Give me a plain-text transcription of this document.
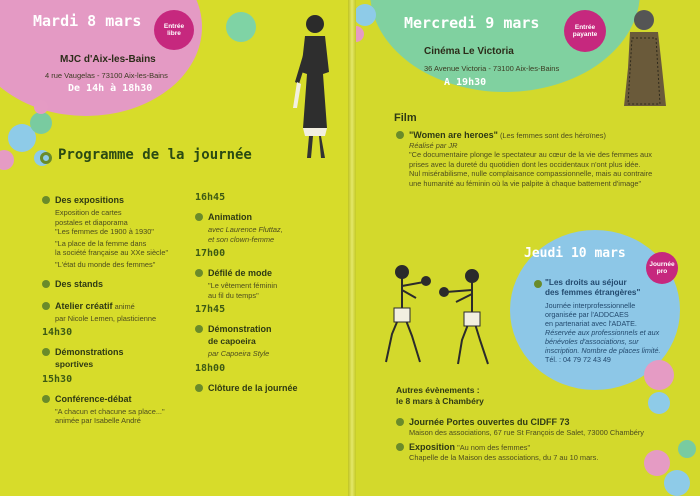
Entrée
libre
Mardi 8 mars
MJC d'Aix-les-Bains
4 rue Vaugelas - 73100 Aix-les-Bains
De 14h à 18h30
Programme de la journée
Des expositions
Exposition de cartes
postales et diaporama
"Les femmes de 1900 à 1930"
"La place de la femme dans
la société française au XXe siècle"
"L'état du monde des femmes"
Des stands
Atelier créatif animé
par Nicole Lemen, plasticienne
14h30
Démonstrations
sportives
15h30
Conférence-débat
"A chacun et chacune sa place..."
animée par Isabelle André
16h45
Animation
avec Laurence Fluttaz,
et son clown-femme
17h00
Défilé de mode
"Le vêtement féminin
au fil du temps"
17h45
Démonstration
de capoeira
par Capoeira Style
18h00
Clôture de la journée
Entrée
payante
Mercredi 9 mars
Cinéma Le Victoria
36 Avenue Victoria - 73100 Aix-les-Bains
A 19h30
Film
"Women are heroes" (Les femmes sont des héroïnes)
Réalisé par JR
"Ce documentaire plonge le spectateur au cœur de la vie des femmes aux
prises avec la dureté du quotidien dont les occidentaux n'ont plus idée.
Nul misérabilisme, nulle complaisance compassionnelle, mais au contraire
une humanité au féminin où la vie palpite à chaque battement d'image"
Jeudi 10 mars
Journée
pro
"Les droits au séjour
des femmes étrangères"
Journée interprofessionnelle
organisée par l'ADDCAES
en partenariat avec l'ADATE.
Réservée aux professionnels et aux
bénévoles d'associations, sur
inscription. Nombre de places limité.
Tél. : 04 79 72 43 49
Autres évènements :
le 8 mars à Chambéry
Journée Portes ouvertes du CIDFF 73
Maison des associations, 67 rue St François de Salet, 73000 Chambéry
Exposition "Au nom des femmes"
Chapelle de la Maison des associations, du 7 au 10 mars.
